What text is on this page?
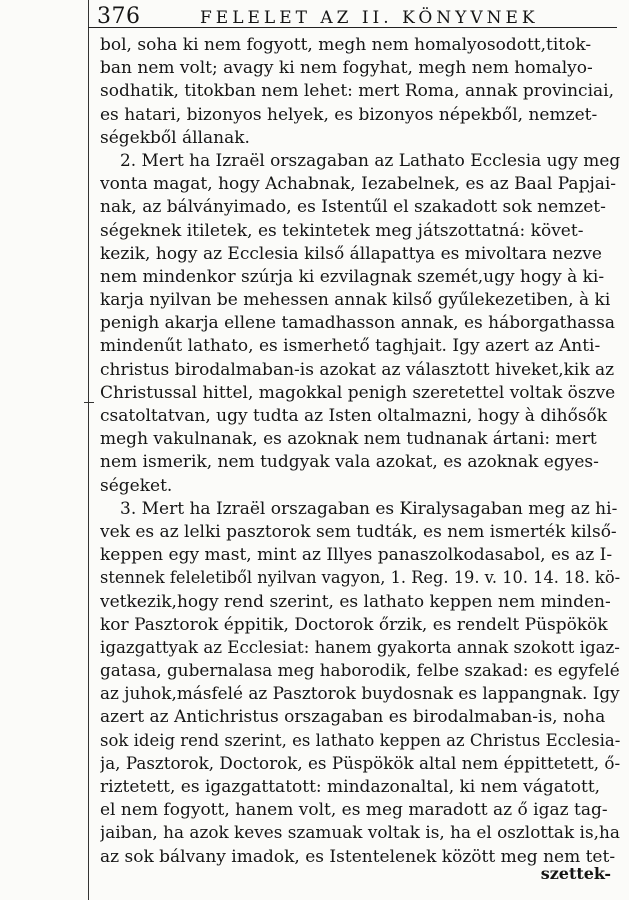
376	FELELET AZ II. KÖNYVNEK
bol, soha ki nem fogyott, megh nem homalyosodott,titok-
ban nem volt; avagy ki nem fogyhat, megh nem homalyo-
sodhatik, titokban nem lehet: mert Roma, annak provinciai,
es hatari, bizonyos helyek, es bizonyos népekből, nemzet-
ségekből állanak.
2. Mert ha Izraël orszagaban az Lathato Ecclesia ugy meg
vonta magat, hogy Achabnak, Iezabelnek, es az Baal Papjai-
nak, az bálványimado, es Istentűl el szakadott sok nemzet-
ségeknek itiletek, es tekintetek meg játszottatná: követ-
kezik, hogy az Ecclesia kilső állapattya es mivoltara nezve
nem mindenkor szúrja ki ezvilagnak szemét,ugy hogy à ki-
karja nyilvan be mehessen annak kilső gyűlekezetiben, à ki
penigh akarja ellene tamadhasson annak, es háborgathassa
mindenűt lathato, es ismerhető taghjait. Igy azert az Anti-
christus birodalmaban-is azokat az választott hiveket,kik az
Christussal hittel, magokkal penigh szeretettel voltak öszve
csatoltatvan, ugy tudta az Isten oltalmazni, hogy à dihősők
megh vakulnanak, es azoknak nem tudnanak ártani: mert
nem ismerik, nem tudgyak vala azokat, es azoknak egyes-
ségeket.
3. Mert ha Izraël orszagaban es Kiralysagaban meg az hi-
vek es az lelki pasztorok sem tudták, es nem ismerték kilső-
keppen egy mast, mint az Illyes panaszolkodasabol, es az I-
stennek feleletiből nyilvan vagyon, 1. Reg. 19. v. 10. 14. 18. kö-
vetkezik,hogy rend szerint, es lathato keppen nem minden-
kor Pasztorok éppitik, Doctorok őrzik, es rendelt Püspökök
igazgattyak az Ecclesiat: hanem gyakorta annak szokott igaz-
gatasa, gubernalasa meg haborodik, felbe szakad: es egyfelé
az juhok,másfelé az Pasztorok buydosnak es lappangnak. Igy
azert az Antichristus orszagaban es birodalmaban-is, noha
sok ideig rend szerint, es lathato keppen az Christus Ecclesia-
ja, Pasztorok, Doctorok, es Püspökök altal nem éppittetett, ő-
riztetett, es igazgattatott: mindazonaltal, ki nem vágatott,
el nem fogyott, hanem volt, es meg maradott az ő igaz tag-
jaiban, ha azok keves szamuak voltak is, ha el oszlottak is,ha
az sok bálvany imadok, es Istentelenek között meg nem tet-
szettek-
